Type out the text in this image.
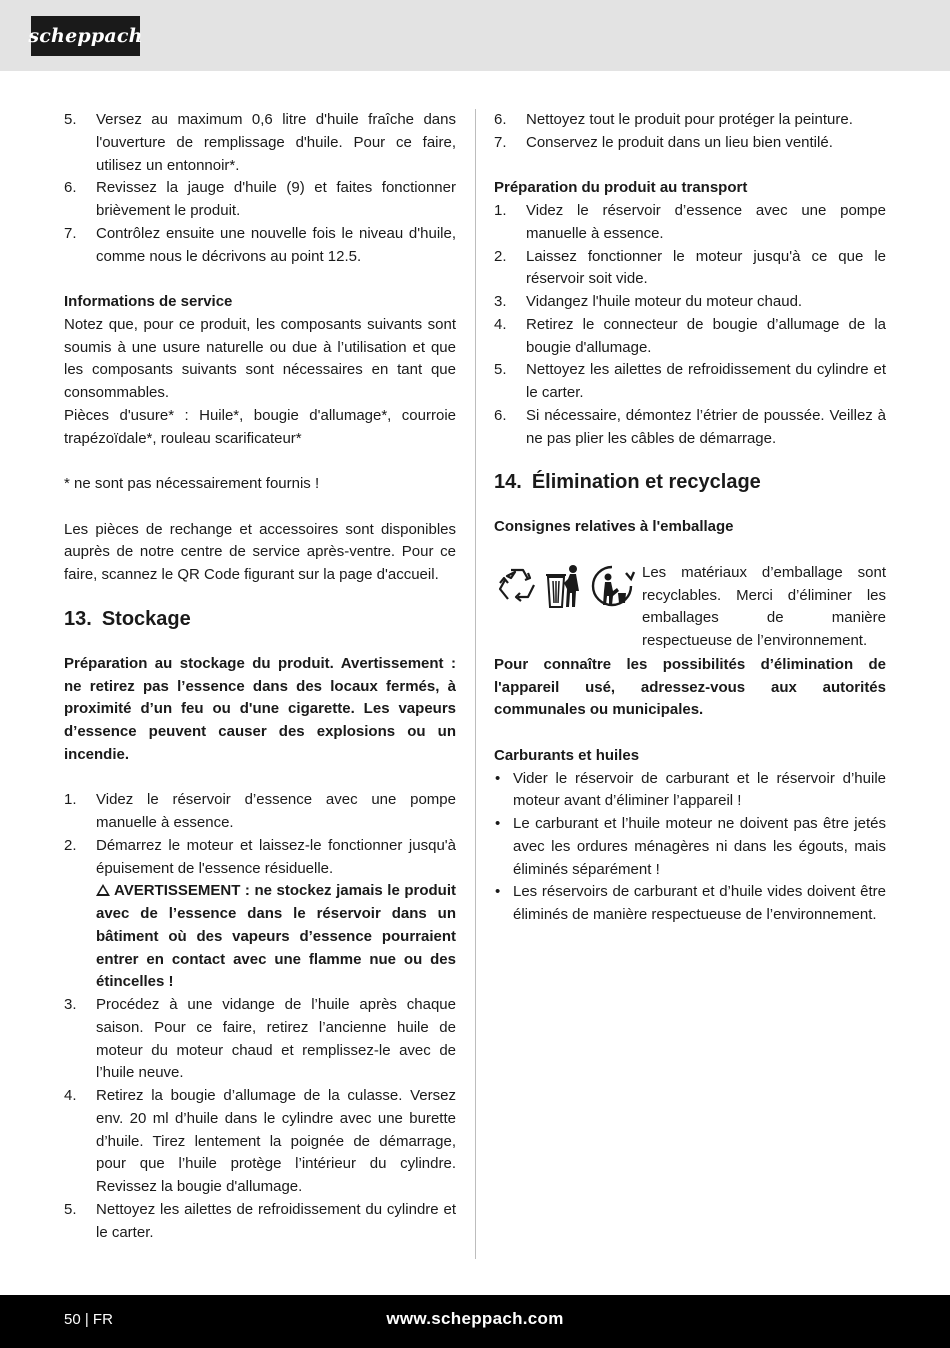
scheppach
5. Versez au maximum 0,6 litre d'huile fraîche dans l'ouverture de remplissage d'huile. Pour ce faire, utilisez un entonnoir*.
6. Revissez la jauge d'huile (9) et faites fonctionner brièvement le produit.
7. Contrôlez ensuite une nouvelle fois le niveau d'huile, comme nous le décrivons au point 12.5.

Informations de service

Notez que, pour ce produit, les composants suivants sont soumis à une usure naturelle ou due à l’utilisation et que les composants suivants sont nécessaires en tant que consommables.

Pièces d'usure* : Huile*, bougie d'allumage*, courroie trapézoïdale*, rouleau scarificateur*

* ne sont pas nécessairement fournis !

Les pièces de rechange et accessoires sont disponibles auprès de notre centre de service après-ventre. Pour ce faire, scannez le QR Code figurant sur la page d'accueil.

13. Stockage

Préparation au stockage du produit. Avertissement : ne retirez pas l’essence dans des locaux fermés, à proximité d’un feu ou d'une cigarette. Les vapeurs d’essence peuvent causer des explosions ou un incendie.

1. Videz le réservoir d’essence avec une pompe manuelle à essence.
2. Démarrez le moteur et laissez-le fonctionner jusqu'à épuisement de l'essence résiduelle.

AVERTISSEMENT : ne stockez jamais le produit avec de l’essence dans le réservoir dans un bâtiment où des vapeurs d’essence pourraient entrer en contact avec une flamme nue ou des étincelles !

3. Procédez à une vidange de l’huile après chaque saison. Pour ce faire, retirez l’ancienne huile de moteur du moteur chaud et remplissez-le avec de l’huile neuve.
4. Retirez la bougie d’allumage de la culasse. Versez env. 20 ml d’huile dans le cylindre avec une burette d’huile. Tirez lentement la poignée de démarrage, pour que l’huile protège l’intérieur du cylindre. Revissez la bougie d'allumage.
5. Nettoyez les ailettes de refroidissement du cylindre et le carter.
6. Nettoyez tout le produit pour protéger la peinture.
7. Conservez le produit dans un lieu bien ventilé.

Préparation du produit au transport

1. Videz le réservoir d’essence avec une pompe manuelle à essence.
2. Laissez fonctionner le moteur jusqu'à ce que le réservoir soit vide.
3. Vidangez l'huile moteur du moteur chaud.
4. Retirez le connecteur de bougie d’allumage de la bougie d'allumage.
5. Nettoyez les ailettes de refroidissement du cylindre et le carter.
6. Si nécessaire, démontez l’étrier de poussée. Veillez à ne pas plier les câbles de démarrage.
14. Élimination et recyclage

Consignes relatives à l'emballage

Les matériaux d’emballage sont recyclables. Merci d’éliminer les emballages de manière respectueuse de l’environnement.

Pour connaître les possibilités d’élimination de l'appareil usé, adressez-vous aux autorités communales ou municipales.

Carburants et huiles

• Vider le réservoir de carburant et le réservoir d’huile moteur avant d’éliminer l’appareil !
• Le carburant et l’huile moteur ne doivent pas être jetés avec les ordures ménagères ni dans les égouts, mais éliminés séparément !
• Les réservoirs de carburant et d’huile vides doivent être éliminés de manière respectueuse de l’environnement.
50 | FR	www.scheppach.com
